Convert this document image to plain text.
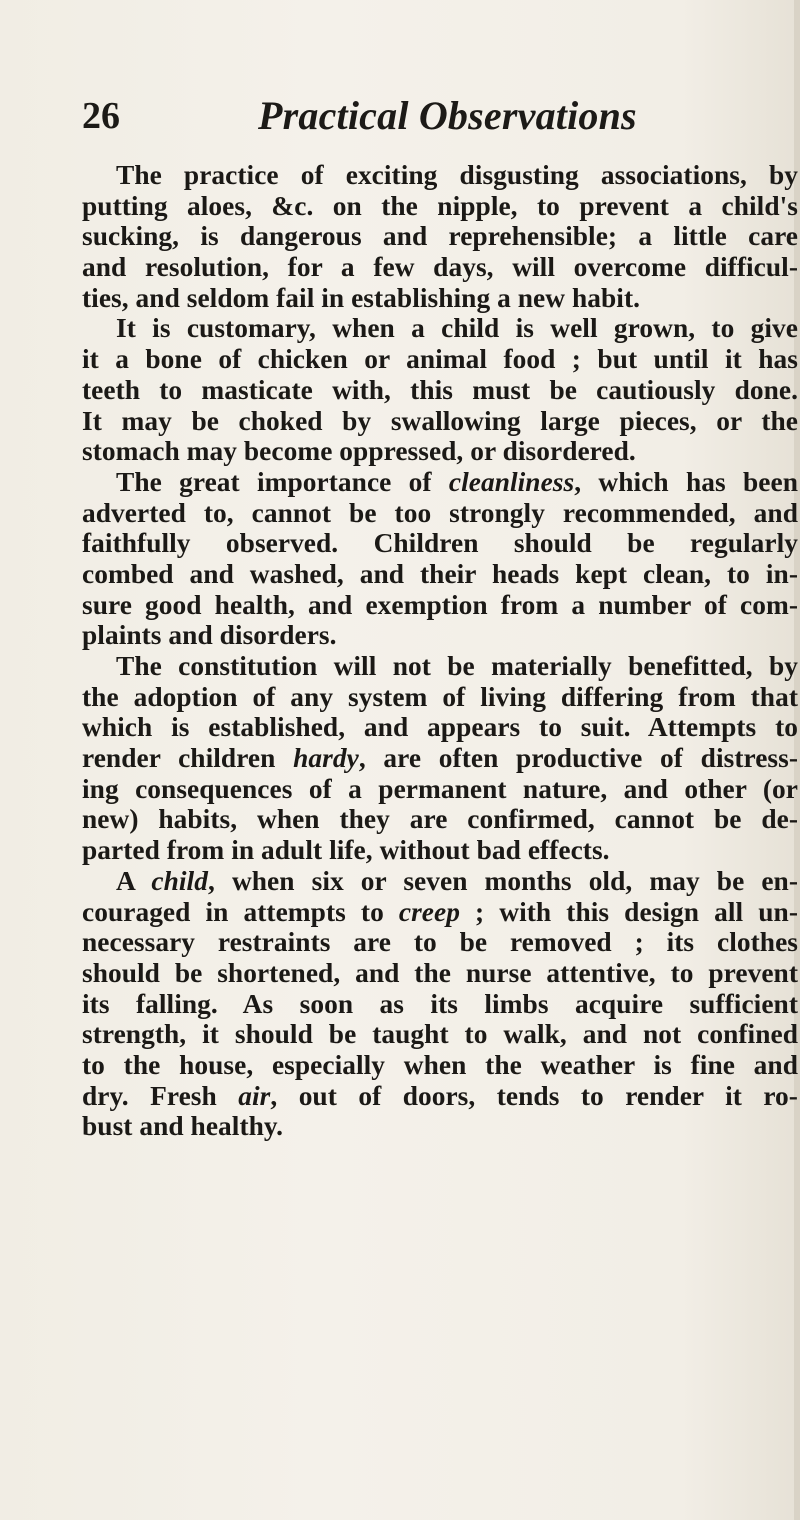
26	Practical Observations
The practice of exciting disgusting associations, by
putting aloes, &c. on the nipple, to prevent a child's
sucking, is dangerous and reprehensible; a little care
and resolution, for a few days, will overcome difficul-
ties, and seldom fail in establishing a new habit.
It is customary, when a child is well grown, to give
it a bone of chicken or animal food ; but until it has
teeth to masticate with, this must be cautiously done.
It may be choked by swallowing large pieces, or the
stomach may become oppressed, or disordered.
The great importance of cleanliness, which has been
adverted to, cannot be too strongly recommended, and
faithfully observed. Children should be regularly
combed and washed, and their heads kept clean, to in-
sure good health, and exemption from a number of com-
plaints and disorders.
The constitution will not be materially benefitted, by
the adoption of any system of living differing from that
which is established, and appears to suit. Attempts to
render children hardy, are often productive of distress-
ing consequences of a permanent nature, and other (or
new) habits, when they are confirmed, cannot be de-
parted from in adult life, without bad effects.
A child, when six or seven months old, may be en-
couraged in attempts to creep ; with this design all un-
necessary restraints are to be removed ; its clothes
should be shortened, and the nurse attentive, to prevent
its falling. As soon as its limbs acquire sufficient
strength, it should be taught to walk, and not confined
to the house, especially when the weather is fine and
dry. Fresh air, out of doors, tends to render it ro-
bust and healthy.
